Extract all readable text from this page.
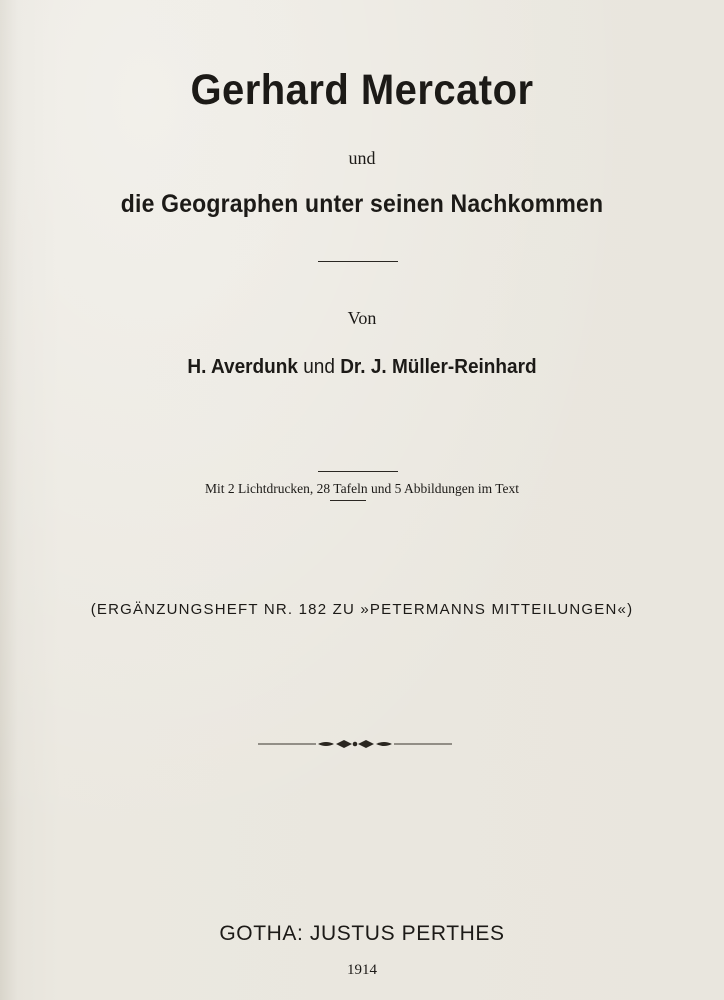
Gerhard Mercator
und
die Geographen unter seinen Nachkommen
Von
H. Averdunk und Dr. J. Müller-Reinhard
Mit 2 Lichtdrucken, 28 Tafeln und 5 Abbildungen im Text
(ERGÄNZUNGSHEFT NR. 182 ZU »PETERMANNS MITTEILUNGEN«)
GOTHA: JUSTUS PERTHES
1914
